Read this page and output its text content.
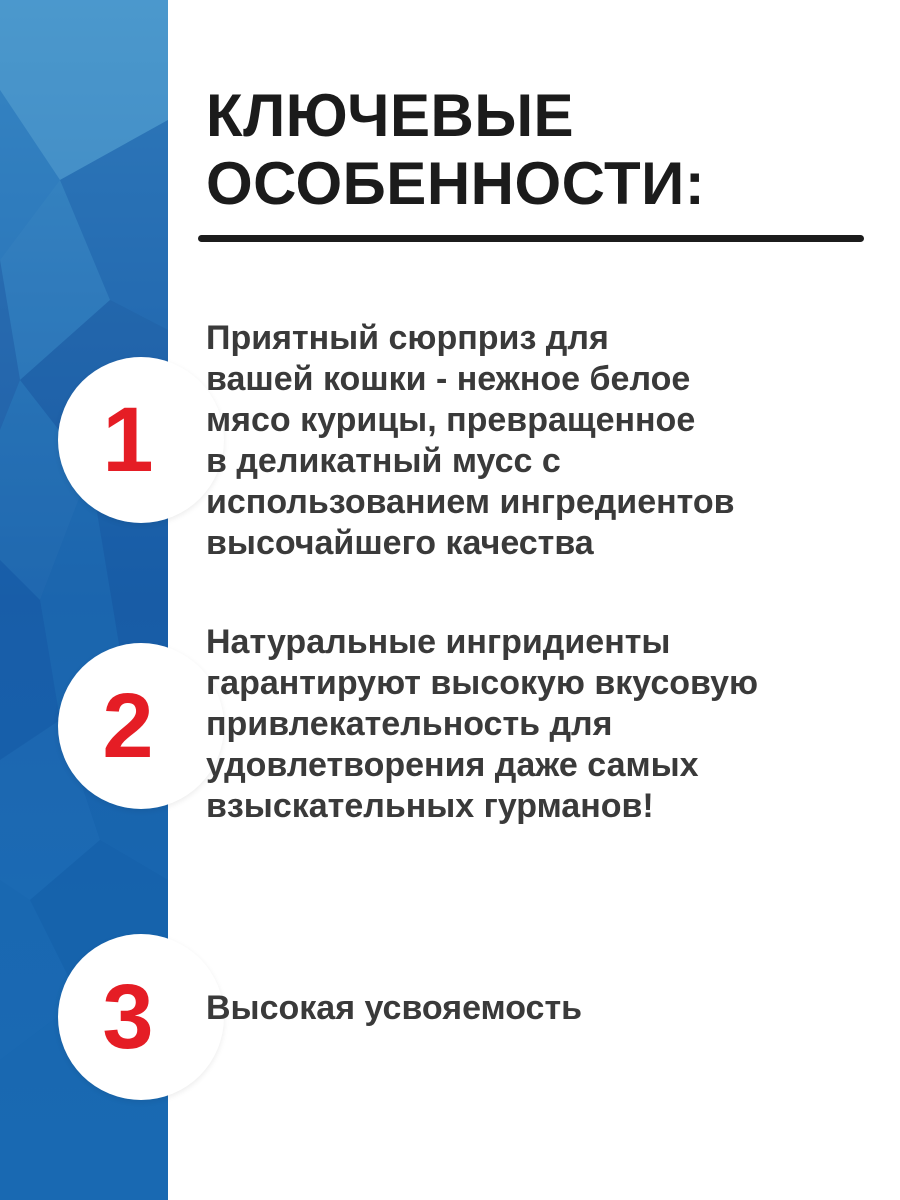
КЛЮЧЕВЫЕ
ОСОБЕННОСТИ:
1

Приятный сюрприз для
вашей кошки - нежное белое
мясо курицы, превращенное
в деликатный мусс с
использованием ингредиентов
высочайшего качества

2

Натуральные ингридиенты
гарантируют высокую вкусовую
привлекательность для
удовлетворения даже самых
взыскательных гурманов!

3 Высокая усвояемость
